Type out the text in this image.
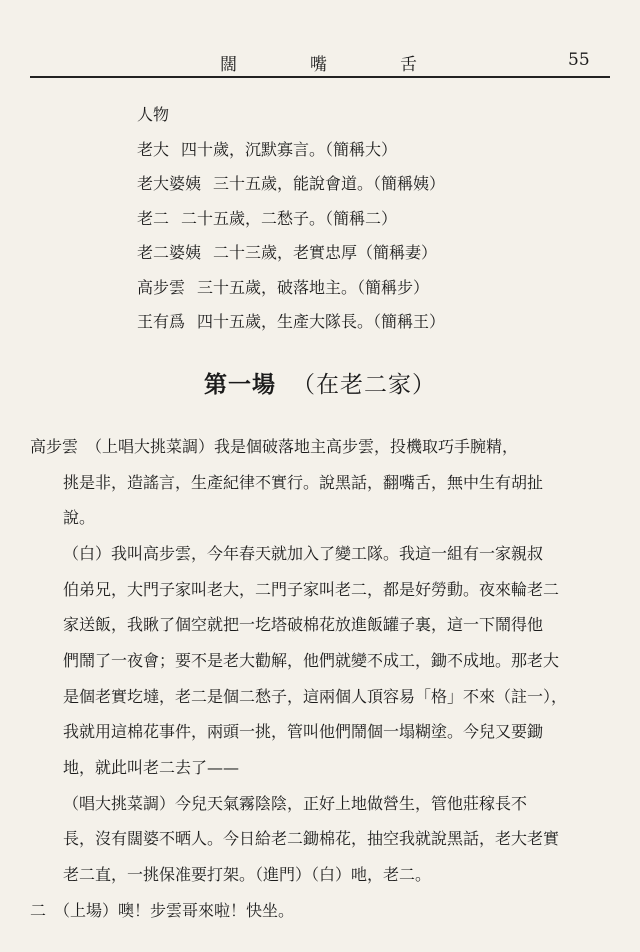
闊	嘴	舌	55
人物
老大 四十歲，沉默寡言。（簡稱大）
老大婆姨 三十五歲，能說會道。（簡稱姨）
老二 二十五歲，二愁子。（簡稱二）
老二婆姨 二十三歲，老實忠厚（簡稱妻）
高步雲 三十五歲，破落地主。（簡稱步）
王有爲 四十五歲，生產大隊長。（簡稱王）
第一場 （在老二家）
高步雲　（上唱大挑菜調）我是個破落地主高步雲，投機取巧手腕精，
挑是非，造謠言，生產紀律不實行。說黑話，翻嘴舌，無中生有胡扯
說。
（白）我叫高步雲，今年春天就加入了變工隊。我這一組有一家親叔
伯弟兄，大門子家叫老大，二門子家叫老二，都是好勞動。夜來輪老二
家送飯，我瞅了個空就把一圪塔破棉花放進飯罐子裏，這一下鬧得他
們鬧了一夜會；要不是老大勸解，他們就變不成工，鋤不成地。那老大
是個老實圪墶，老二是個二愁子，這兩個人頂容易「格」不來（註一），
我就用這棉花事件，兩頭一挑，管叫他們鬧個一塌糊塗。今兒又要鋤
地，就此叫老二去了——
（唱大挑菜調）今兒天氣霧陰陰，正好上地做營生，管他莊稼長不
長，沒有闊婆不晒人。今日給老二鋤棉花，抽空我就說黑話，老大老實
老二直，一挑保准要打架。（進門）（白）吔，老二。
二　（上場）噢！步雲哥來啦！快坐。
